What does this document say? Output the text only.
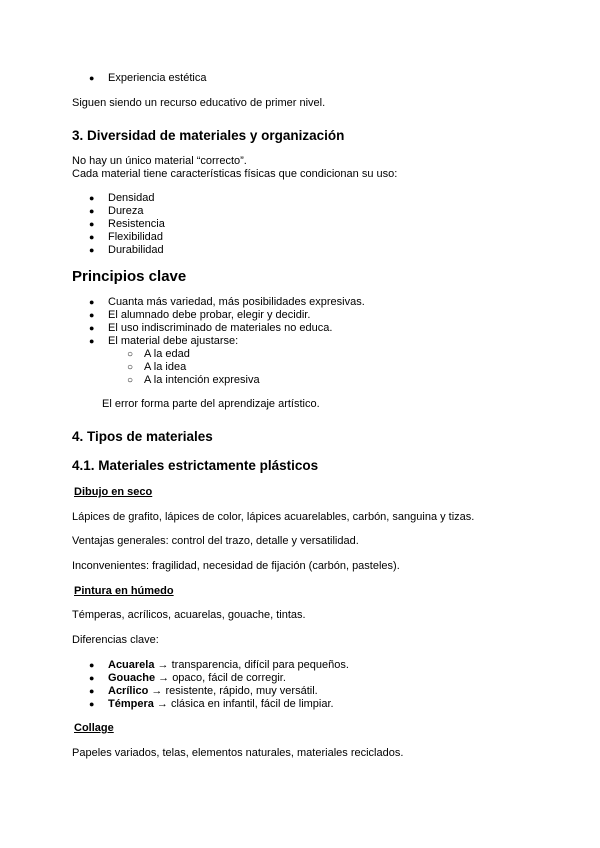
● Experiencia estética
Siguen siendo un recurso educativo de primer nivel.
3. Diversidad de materiales y organización
No hay un único material “correcto”.
Cada material tiene características físicas que condicionan su uso:
● Densidad
● Dureza
● Resistencia
● Flexibilidad
● Durabilidad
Principios clave
● Cuanta más variedad, más posibilidades expresivas.
● El alumnado debe probar, elegir y decidir.
● El uso indiscriminado de materiales no educa.
● El material debe ajustarse:
○ A la edad
○ A la idea
○ A la intención expresiva
El error forma parte del aprendizaje artístico.
4. Tipos de materiales
4.1. Materiales estrictamente plásticos
Dibujo en seco
Lápices de grafito, lápices de color, lápices acuarelables, carbón, sanguina y tizas.
Ventajas generales: control del trazo, detalle y versatilidad.
Inconvenientes: fragilidad, necesidad de fijación (carbón, pasteles).
Pintura en húmedo
Témperas, acrílicos, acuarelas, gouache, tintas.
Diferencias clave:
● Acuarela → transparencia, difícil para pequeños.
● Gouache → opaco, fácil de corregir.
● Acrílico → resistente, rápido, muy versátil.
● Témpera → clásica en infantil, fácil de limpiar.
Collage
Papeles variados, telas, elementos naturales, materiales reciclados.
